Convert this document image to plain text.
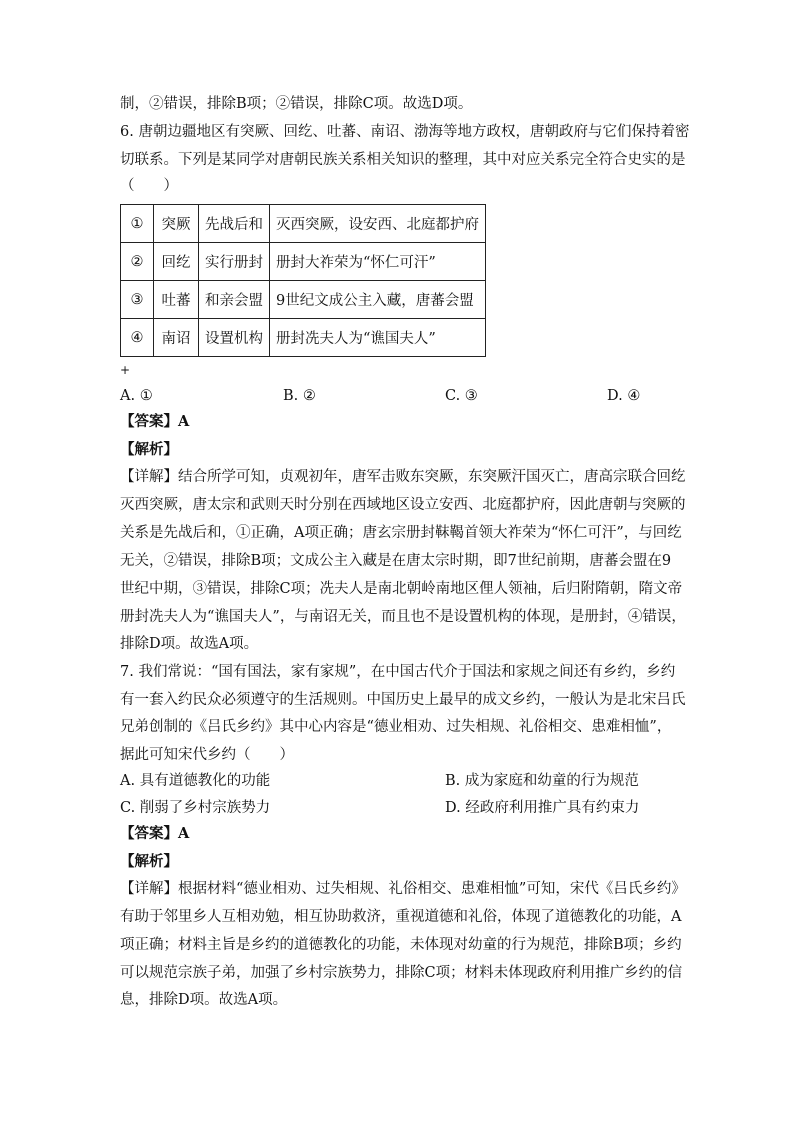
制，②错误，排除B项；②错误，排除C项。故选D项。
6. 唐朝边疆地区有突厥、回纥、吐蕃、南诏、渤海等地方政权，唐朝政府与它们保持着密
切联系。下列是某同学对唐朝民族关系相关知识的整理，其中对应关系完全符合史实的是
（　　）
①	突厥	先战后和	灭西突厥，设安西、北庭都护府
②	回纥	实行册封	册封大祚荣为“怀仁可汗”
③	吐蕃	和亲会盟	9世纪文成公主入藏，唐蕃会盟
④	南诏	设置机构	册封冼夫人为“谯国夫人”
+
A. ①	B. ②	C. ③	D. ④
【答案】A
【解析】
【详解】结合所学可知，贞观初年，唐军击败东突厥，东突厥汗国灭亡，唐高宗联合回纥
灭西突厥，唐太宗和武则天时分别在西域地区设立安西、北庭都护府，因此唐朝与突厥的
关系是先战后和，①正确，A项正确；唐玄宗册封靺鞨首领大祚荣为“怀仁可汗”，与回纥
无关，②错误，排除B项；文成公主入藏是在唐太宗时期，即7世纪前期，唐蕃会盟在9
世纪中期，③错误，排除C项；冼夫人是南北朝岭南地区俚人领袖，后归附隋朝，隋文帝
册封冼夫人为“谯国夫人”，与南诏无关，而且也不是设置机构的体现，是册封，④错误，
排除D项。故选A项。
7. 我们常说：“国有国法，家有家规”，在中国古代介于国法和家规之间还有乡约，乡约
有一套入约民众必须遵守的生活规则。中国历史上最早的成文乡约，一般认为是北宋吕氏
兄弟创制的《吕氏乡约》其中心内容是“德业相劝、过失相规、礼俗相交、患难相恤”，
据此可知宋代乡约（　　）
A. 具有道德教化的功能	B. 成为家庭和幼童的行为规范
C. 削弱了乡村宗族势力	D. 经政府利用推广具有约束力
【答案】A
【解析】
【详解】根据材料“德业相劝、过失相规、礼俗相交、患难相恤”可知，宋代《吕氏乡约》
有助于邻里乡人互相劝勉，相互协助救济，重视道德和礼俗，体现了道德教化的功能，A
项正确；材料主旨是乡约的道德教化的功能，未体现对幼童的行为规范，排除B项；乡约
可以规范宗族子弟，加强了乡村宗族势力，排除C项；材料未体现政府利用推广乡约的信
息，排除D项。故选A项。
